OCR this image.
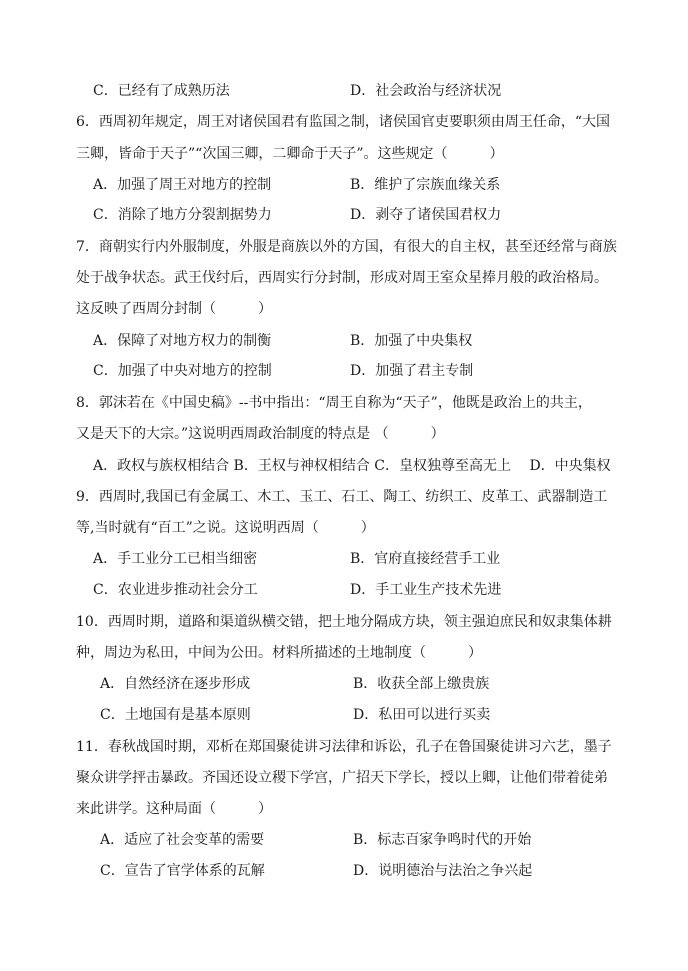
C．已经有了成熟历法	D．社会政治与经济状况
6．西周初年规定，周王对诸侯国君有监国之制，诸侯国官吏要职须由周王任命，“大国
三卿，皆命于天子”“次国三卿，二卿命于天子”。这些规定（　　　）
A．加强了周王对地方的控制	B．维护了宗族血缘关系
C．消除了地方分裂割据势力	D．剥夺了诸侯国君权力
7．商朝实行内外服制度，外服是商族以外的方国，有很大的自主权，甚至还经常与商族
处于战争状态。武王伐纣后，西周实行分封制，形成对周王室众星捧月般的政治格局。
这反映了西周分封制（　　　）
A．保障了对地方权力的制衡	B．加强了中央集权
C．加强了中央对地方的控制	D．加强了君主专制
8．郭沫若在《中国史稿》--书中指出：“周王自称为“天子”，他既是政治上的共主，
又是天下的大宗。”这说明西周政治制度的特点是 （　　　）
A．政权与族权相结合 B．王权与神权相结合 C．皇权独尊至高无上　 D．中央集权
9．西周时,我国已有金属工、木工、玉工、石工、陶工、纺织工、皮革工、武器制造工
等,当时就有“百工”之说。这说明西周（　　　）
A．手工业分工已相当细密	B．官府直接经营手工业
C．农业进步推动社会分工	D．手工业生产技术先进
10．西周时期，道路和渠道纵横交错，把土地分隔成方块，领主强迫庶民和奴隶集体耕
种，周边为私田，中间为公田。材料所描述的土地制度（　　　）
A．自然经济在逐步形成	B．收获全部上缴贵族
C．土地国有是基本原则	D．私田可以进行买卖
11．春秋战国时期，邓析在郑国聚徒讲习法律和诉讼，孔子在鲁国聚徒讲习六艺，墨子
聚众讲学抨击暴政。齐国还设立稷下学宫，广招天下学长，授以上卿，让他们带着徒弟
来此讲学。这种局面（　　　）
A．适应了社会变革的需要	B．标志百家争鸣时代的开始
C．宣告了官学体系的瓦解	D．说明德治与法治之争兴起
